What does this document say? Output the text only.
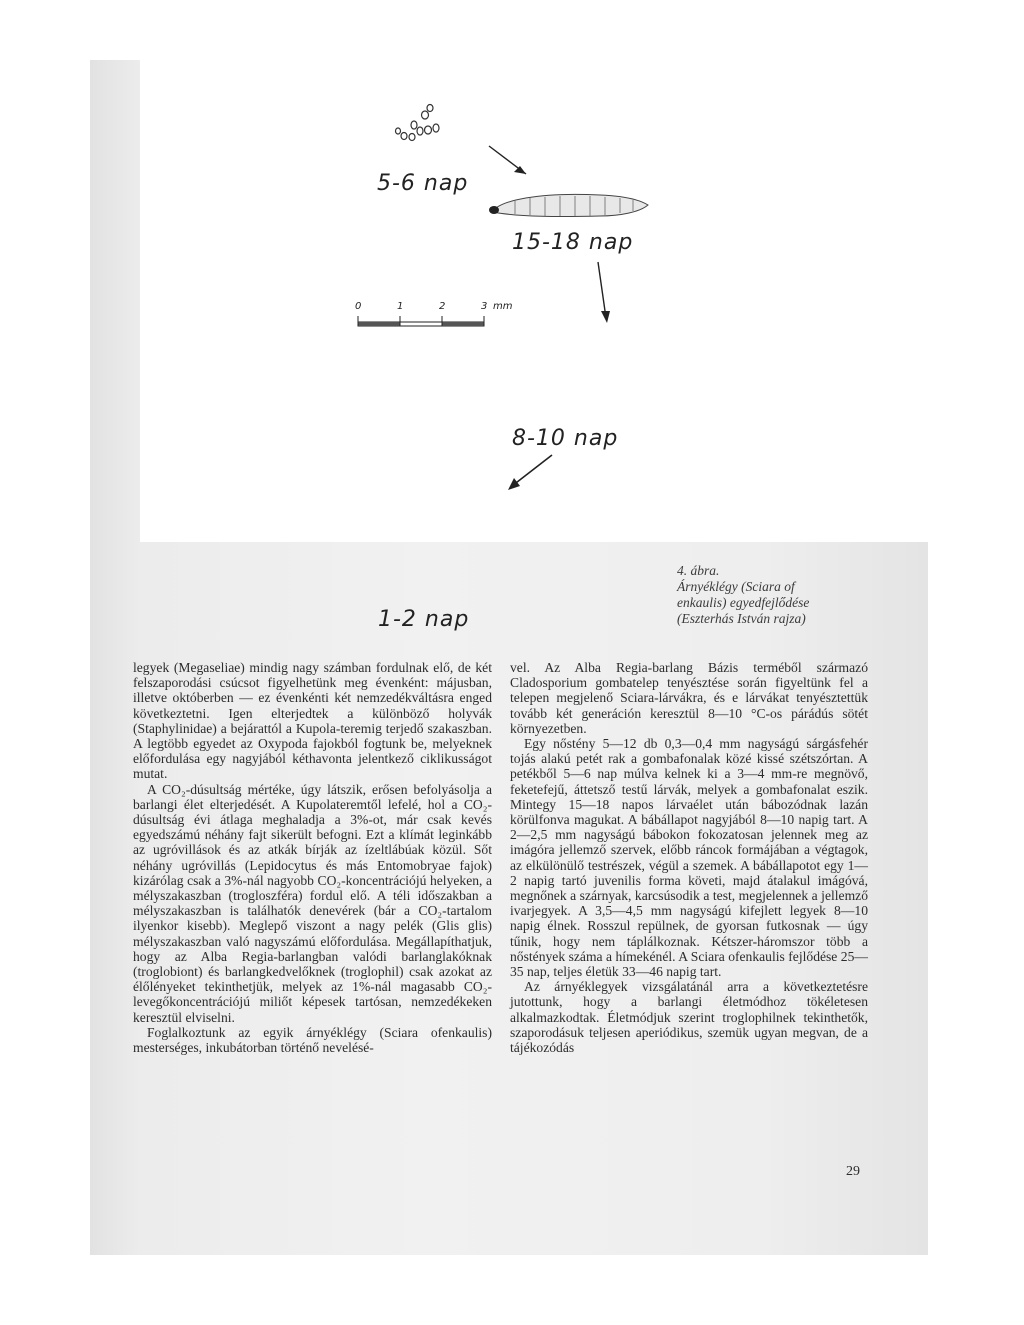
0	1	2	3 mm
5-6 nap
15-18 nap
8-10 nap
1-2 nap
4. ábra.
Árnyéklégy (Sciara of
enkaulis) egyedfejlődése
(Eszterhás István rajza)

legyek (Megaseliae) mindig nagy számban fordulnak elő, de két felszaporodási csúcsot figyelhetünk meg évenként: májusban, illetve októberben — ez évenkénti két nemzedékváltásra enged következtetni. Igen elterjedtek a különböző holyvák (Staphylinidae) a bejárattól a Kupola-teremig terjedő szakaszban. A legtöbb egyedet az Oxypoda fajokból fogtunk be, melyeknek előfordulása egy nagyjából kéthavonta jelentkező ciklikusságot mutat.

A CO₂-dúsultság mértéke, úgy látszik, erősen befolyásolja a barlangi élet elterjedését. A Kupolateremtől lefelé, hol a CO₂-dúsultság évi átlaga meghaladja a 3%-ot, már csak kevés egyedszámú néhány fajt sikerült befogni. Ezt a klímát leginkább az ugróvillások és az atkák bírják az ízeltlábúak közül. Sőt néhány ugróvillás (Lepidocytus és más Entomobryae fajok) kizárólag csak a 3%-nál nagyobb CO₂-koncentrációjú helyeken, a mélyszakaszban (trogloszféra) fordul elő. A téli időszakban a mélyszakaszban is találhatók denevérek (bár a CO₂-tartalom ilyenkor kisebb). Meglepő viszont a nagy pelék (Glis glis) mélyszakaszban való nagyszámú előfordulása. Megállapíthatjuk, hogy az Alba Regia-barlangban valódi barlanglakóknak (troglobiont) és barlangkedvelőknek (troglophil) csak azokat az élőlényeket tekinthetjük, melyek az 1%-nál magasabb CO₂-levegőkoncentrációjú miliőt képesek tartósan, nemzedékeken keresztül elviselni.

Foglalkoztunk az egyik árnyéklégy (Sciara ofenkaulis) mesterséges, inkubátorban történő nevelésé-

vel. Az Alba Regia-barlang Bázis terméből származó Cladosporium gombatelep tenyésztése során figyeltünk fel a telepen megjelenő Sciara-lárvákra, és e lárvákat tenyésztettük tovább két generáción keresztül 8—10 °C-os párádús sötét környezetben.

Egy nőstény 5—12 db 0,3—0,4 mm nagyságú sárgásfehér tojás alakú petét rak a gombafonalak közé kissé szétszórtan. A petékből 5—6 nap múlva kelnek ki a 3—4 mm-re megnövő, feketefejű, áttetsző testű lárvák, melyek a gombafonalat eszik. Mintegy 15—18 napos lárvaélet után bábozódnak lazán körülfonva magukat. A bábállapot nagyjából 8—10 napig tart. A 2—2,5 mm nagyságú bábokon fokozatosan jelennek meg az imágóra jellemző szervek, előbb ráncok formájában a végtagok, az elkülönülő testrészek, végül a szemek. A bábállapotot egy 1—2 napig tartó juvenilis forma követi, majd átalakul imágóvá, megnőnek a szárnyak, karcsúsodik a test, megjelennek a jellemző ivarjegyek. A 3,5—4,5 mm nagyságú kifejlett legyek 8—10 napig élnek. Rosszul repülnek, de gyorsan futkosnak — úgy tűnik, hogy nem táplálkoznak. Kétszer-háromszor több a nőstények száma a hímekénél. A Sciara ofenkaulis fejlődése 25—35 nap, teljes életük 33—46 napig tart.

Az árnyéklegyek vizsgálatánál arra a következtetésre jutottunk, hogy a barlangi életmódhoz tökéletesen alkalmazkodtak. Életmódjuk szerint troglophilnek tekinthetők, szaporodásuk teljesen aperiódikus, szemük ugyan megvan, de a tájékozódás

29
